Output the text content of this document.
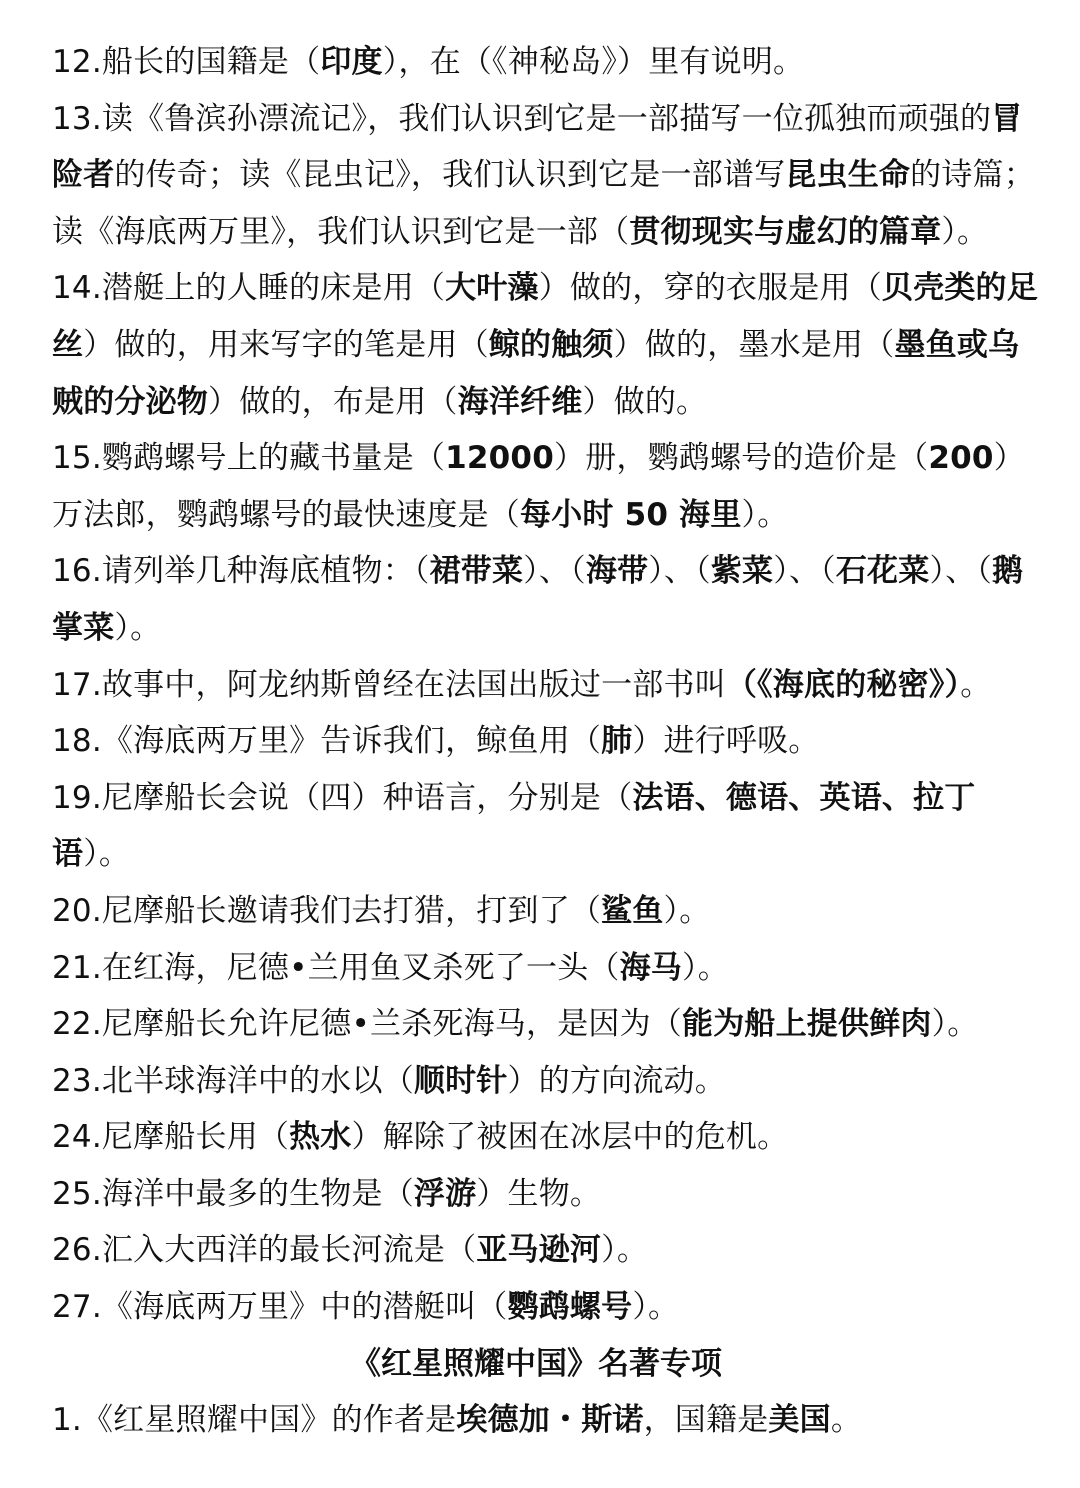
12.船长的国籍是（印度），在（《神秘岛》）里有说明。

13.读《鲁滨孙漂流记》，我们认识到它是一部描写一位孤独而顽强的冒险者的传奇；读《昆虫记》，我们认识到它是一部谱写昆虫生命的诗篇；读《海底两万里》，我们认识到它是一部（贯彻现实与虚幻的篇章）。

14.潜艇上的人睡的床是用（大叶藻）做的，穿的衣服是用（贝壳类的足丝）做的，用来写字的笔是用（鲸的触须）做的，墨水是用（墨鱼或乌贼的分泌物）做的，布是用（海洋纤维）做的。

15.鹦鹉螺号上的藏书量是（12000）册，鹦鹉螺号的造价是（200）万法郎，鹦鹉螺号的最快速度是（每小时 50 海里）。

16.请列举几种海底植物：（裙带菜）、（海带）、（紫菜）、（石花菜）、（鹅掌菜）。

17.故事中，阿龙纳斯曾经在法国出版过一部书叫（《海底的秘密》）。

18.《海底两万里》告诉我们，鲸鱼用（肺）进行呼吸。

19.尼摩船长会说（四）种语言，分别是（法语、德语、英语、拉丁语）。

20.尼摩船长邀请我们去打猎，打到了（鲨鱼）。

21.在红海，尼德•兰用鱼叉杀死了一头（海马）。

22.尼摩船长允许尼德•兰杀死海马，是因为（能为船上提供鲜肉）。

23.北半球海洋中的水以（顺时针）的方向流动。

24.尼摩船长用（热水）解除了被困在冰层中的危机。

25.海洋中最多的生物是（浮游）生物。

26.汇入大西洋的最长河流是（亚马逊河）。

27.《海底两万里》中的潜艇叫（鹦鹉螺号）。

《红星照耀中国》名著专项

1.《红星照耀中国》的作者是埃德加・斯诺，国籍是美国。
